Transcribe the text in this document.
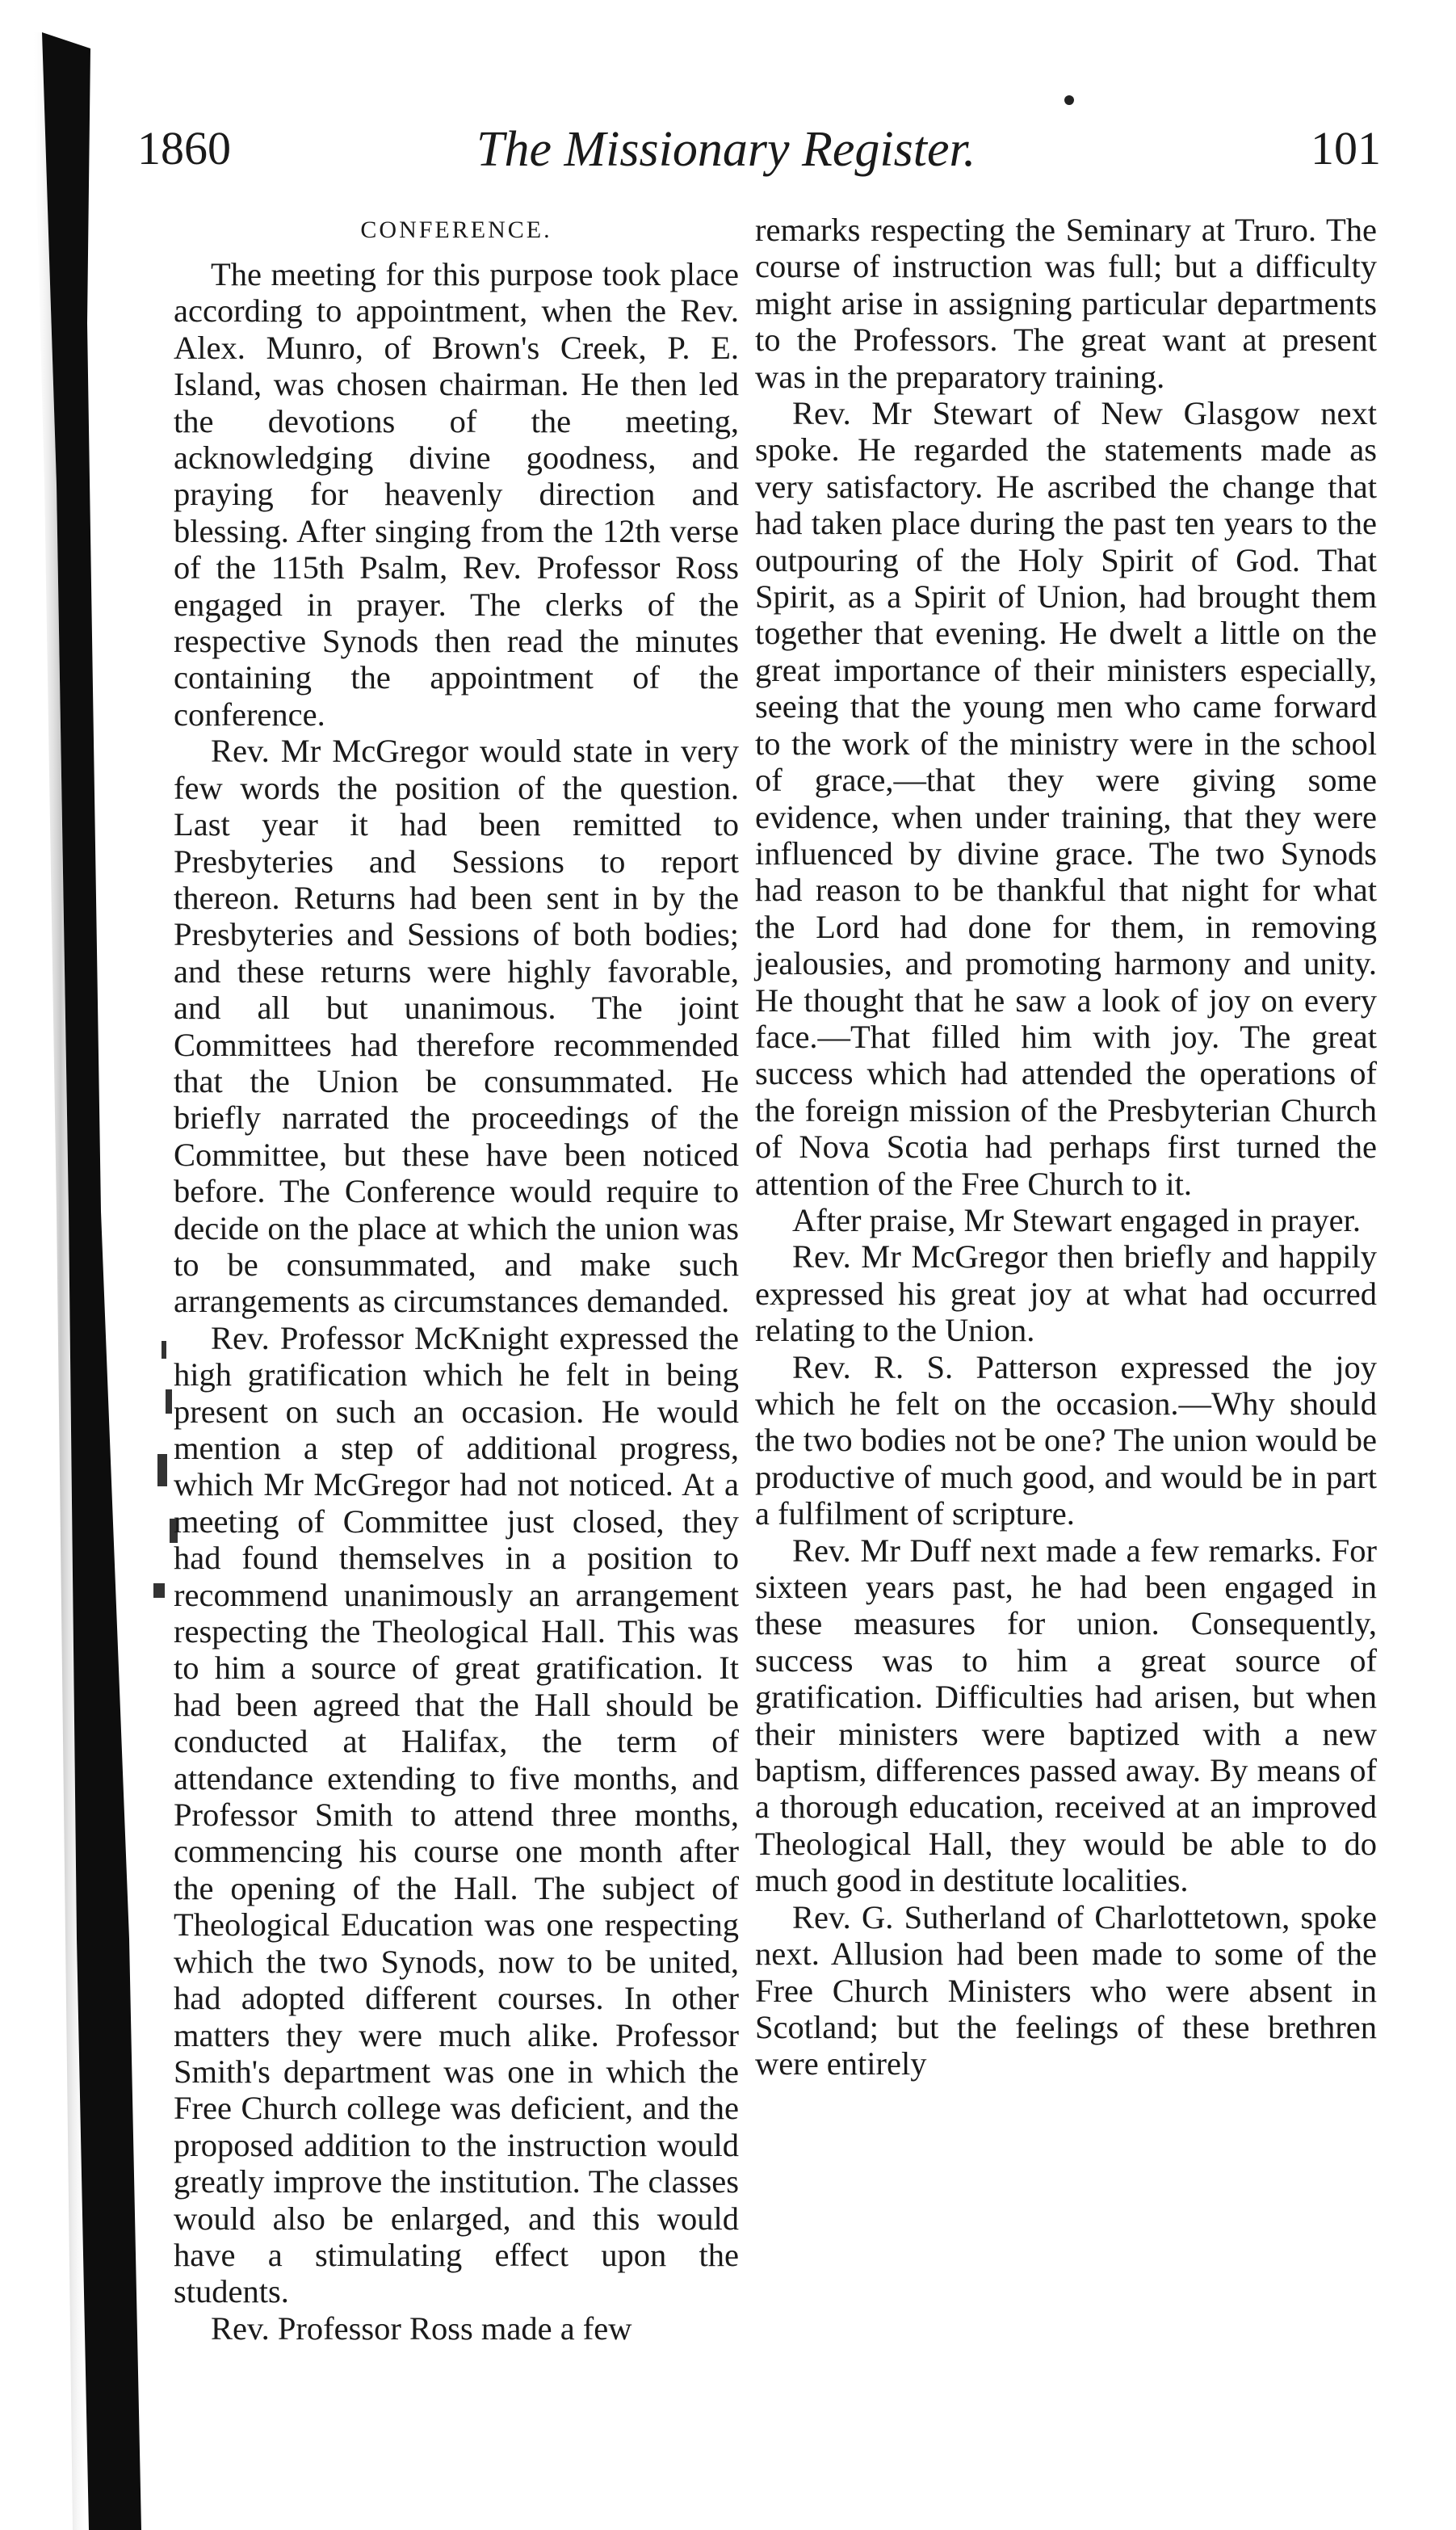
1860	The Missionary Register.	101
CONFERENCE.

The meeting for this purpose took place according to appointment, when the Rev. Alex. Munro, of Brown's Creek, P. E. Island, was chosen chairman. He then led the devotions of the meeting, acknowledging divine goodness, and praying for heavenly direction and blessing. After singing from the 12th verse of the 115th Psalm, Rev. Professor Ross engaged in prayer. The clerks of the respective Synods then read the minutes containing the appointment of the conference.

Rev. Mr McGregor would state in very few words the position of the question. Last year it had been remitted to Presbyteries and Sessions to report thereon. Returns had been sent in by the Presbyteries and Sessions of both bodies; and these returns were highly favorable, and all but unanimous. The joint Committees had therefore recommended that the Union be consummated. He briefly narrated the proceedings of the Committee, but these have been noticed before. The Conference would require to decide on the place at which the union was to be consummated, and make such arrangements as circumstances demanded.

Rev. Professor McKnight expressed the high gratification which he felt in being present on such an occasion. He would mention a step of additional progress, which Mr McGregor had not noticed. At a meeting of Committee just closed, they had found themselves in a position to recommend unanimously an arrangement respecting the Theological Hall. This was to him a source of great gratification. It had been agreed that the Hall should be conducted at Halifax, the term of attendance extending to five months, and Professor Smith to attend three months, commencing his course one month after the opening of the Hall. The subject of Theological Education was one respecting which the two Synods, now to be united, had adopted different courses. In other matters they were much alike. Professor Smith's department was one in which the Free Church college was deficient, and the proposed addition to the instruction would greatly improve the institution. The classes would also be enlarged, and this would have a stimulating effect upon the students.

Rev. Professor Ross made a few

remarks respecting the Seminary at Truro. The course of instruction was full; but a difficulty might arise in assigning particular departments to the Professors. The great want at present was in the preparatory training.

Rev. Mr Stewart of New Glasgow next spoke. He regarded the statements made as very satisfactory. He ascribed the change that had taken place during the past ten years to the outpouring of the Holy Spirit of God. That Spirit, as a Spirit of Union, had brought them together that evening. He dwelt a little on the great importance of their ministers especially, seeing that the young men who came forward to the work of the ministry were in the school of grace,—that they were giving some evidence, when under training, that they were influenced by divine grace. The two Synods had reason to be thankful that night for what the Lord had done for them, in removing jealousies, and promoting harmony and unity. He thought that he saw a look of joy on every face.—That filled him with joy. The great success which had attended the operations of the foreign mission of the Presbyterian Church of Nova Scotia had perhaps first turned the attention of the Free Church to it.

After praise, Mr Stewart engaged in prayer.

Rev. Mr McGregor then briefly and happily expressed his great joy at what had occurred relating to the Union.

Rev. R. S. Patterson expressed the joy which he felt on the occasion.—Why should the two bodies not be one? The union would be productive of much good, and would be in part a fulfilment of scripture.

Rev. Mr Duff next made a few remarks. For sixteen years past, he had been engaged in these measures for union. Consequently, success was to him a great source of gratification. Difficulties had arisen, but when their ministers were baptized with a new baptism, differences passed away. By means of a thorough education, received at an improved Theological Hall, they would be able to do much good in destitute localities.

Rev. G. Sutherland of Charlottetown, spoke next. Allusion had been made to some of the Free Church Ministers who were absent in Scotland; but the feelings of these brethren were entirely
